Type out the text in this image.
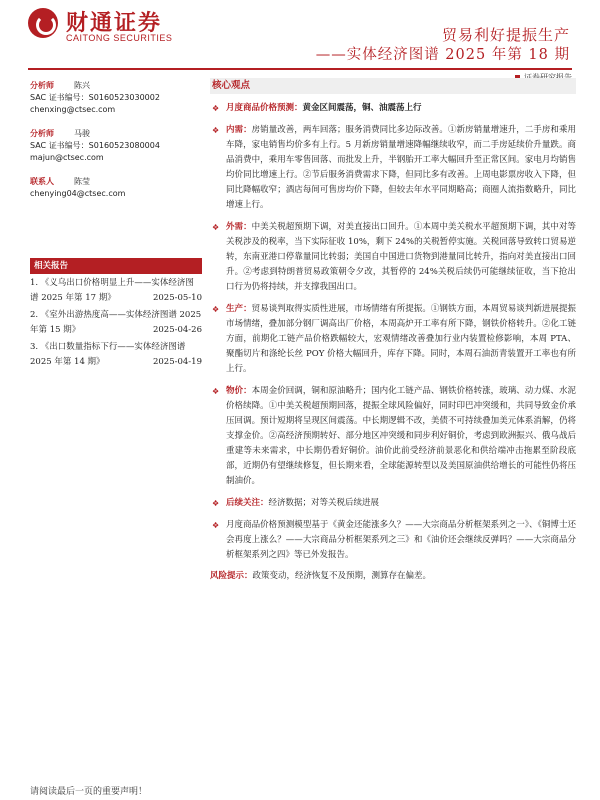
财通证券
CAITONG SECURITIES	贸易利好提振生产
——实体经济图谱 2025 年第 18 期
分析师	陈兴
SAC 证书编号：S0160523030002
chenxing@ctsec.com
分析师	马骏
SAC 证书编号：S0160523080004
majun@ctsec.com
联系人	陈莹
chenying04@ctsec.com
相关报告
1. 《义乌出口价格明显上升——实体经济图谱 2025 年第 17 期》	2025-05-10
2. 《室外出游热度高——实体经济图谱 2025 年第 15 期》	2025-04-26
3. 《出口数量指标下行——实体经济图谱 2025 年第 14 期》	2025-04-19
核心观点
❖ 月度商品价格预测：黄金区间震荡，铜、油震荡上行
❖ 内需：房销量改善，两车回落；服务消费同比多边际改善。①新房销量增速升，二手房和乘用车降，家电销售均价多有上行。5 月新房销量增速降幅继续收窄，而二手房延续价升量跌。商品消费中，乘用车零售回落、而批发上升，半钢胎开工率大幅回升至正常区间。家电月均销售均价同比增速上行。②节后服务消费需求下降，但同比多有改善。上周电影票房收入下降，但同比降幅收窄；酒店每间可售房均价下降，但较去年水平同期略高；商圈人流指数略升，同比增速上行。
❖ 外需：中美关税超预期下调，对美直接出口回升。①本周中美关税水平超预期下调，其中对等关税涉及的税率，当下实际征收 10%，剩下 24%的关税暂停实施。关税回落导致转口贸易逆转，东南亚港口停靠量同比转弱；美国自中国进口货物到港量同比转升，指向对美直接出口回升。②考虑到特朗普贸易政策朝令夕改，其暂停的 24%关税后续仍可能继续征收，当下抢出口行为仍将持续，并支撑我国出口。
❖ 生产：贸易谈判取得实质性进展，市场情绪有所提振。①钢铁方面，本周贸易谈判新进展提振市场情绪，叠加部分钢厂调高出厂价格，本周高炉开工率有所下降，钢铁价格转升。②化工链方面，前期化工链产品价格跌幅较大，宏观情绪改善叠加行业内装置检修影响，本周 PTA、聚酯切片和涤纶长丝 POY 价格大幅回升，库存下降。同时，本周石油沥青装置开工率也有所上行。
❖ 物价：本周金价回调，铜和原油略升；国内化工链产品、钢铁价格转涨，玻璃、动力煤、水泥价格续降。①中美关税超预期回落，提振全球风险偏好，同时印巴冲突缓和，共同导致金价承压回调。预计短期将呈现区间震荡。中长期逻辑不改，美债不可持续叠加美元体系消解，仍将支撑金价。②高经济预期转好、部分地区冲突缓和同步利好铜价，考虑到欧洲振兴、俄乌战后重建等未来需求，中长期仍看好铜价。油价此前受经济前景恶化和供给端冲击拖累至阶段底部，近期仍有望继续修复，但长期来看，全球能源转型以及美国原油供给增长的可能性仍将压制油价。
❖ 后续关注：经济数据；对等关税后续进展
❖ 月度商品价格预测模型基于《黄金还能涨多久？——大宗商品分析框架系列之一》、《铜博士还会再度上涨么？——大宗商品分析框架系列之三》和《油价还会继续反弹吗？——大宗商品分析框架系列之四》等已外发报告。
风险提示：政策变动，经济恢复不及预期，测算存在偏差。
请阅读最后一页的重要声明！
